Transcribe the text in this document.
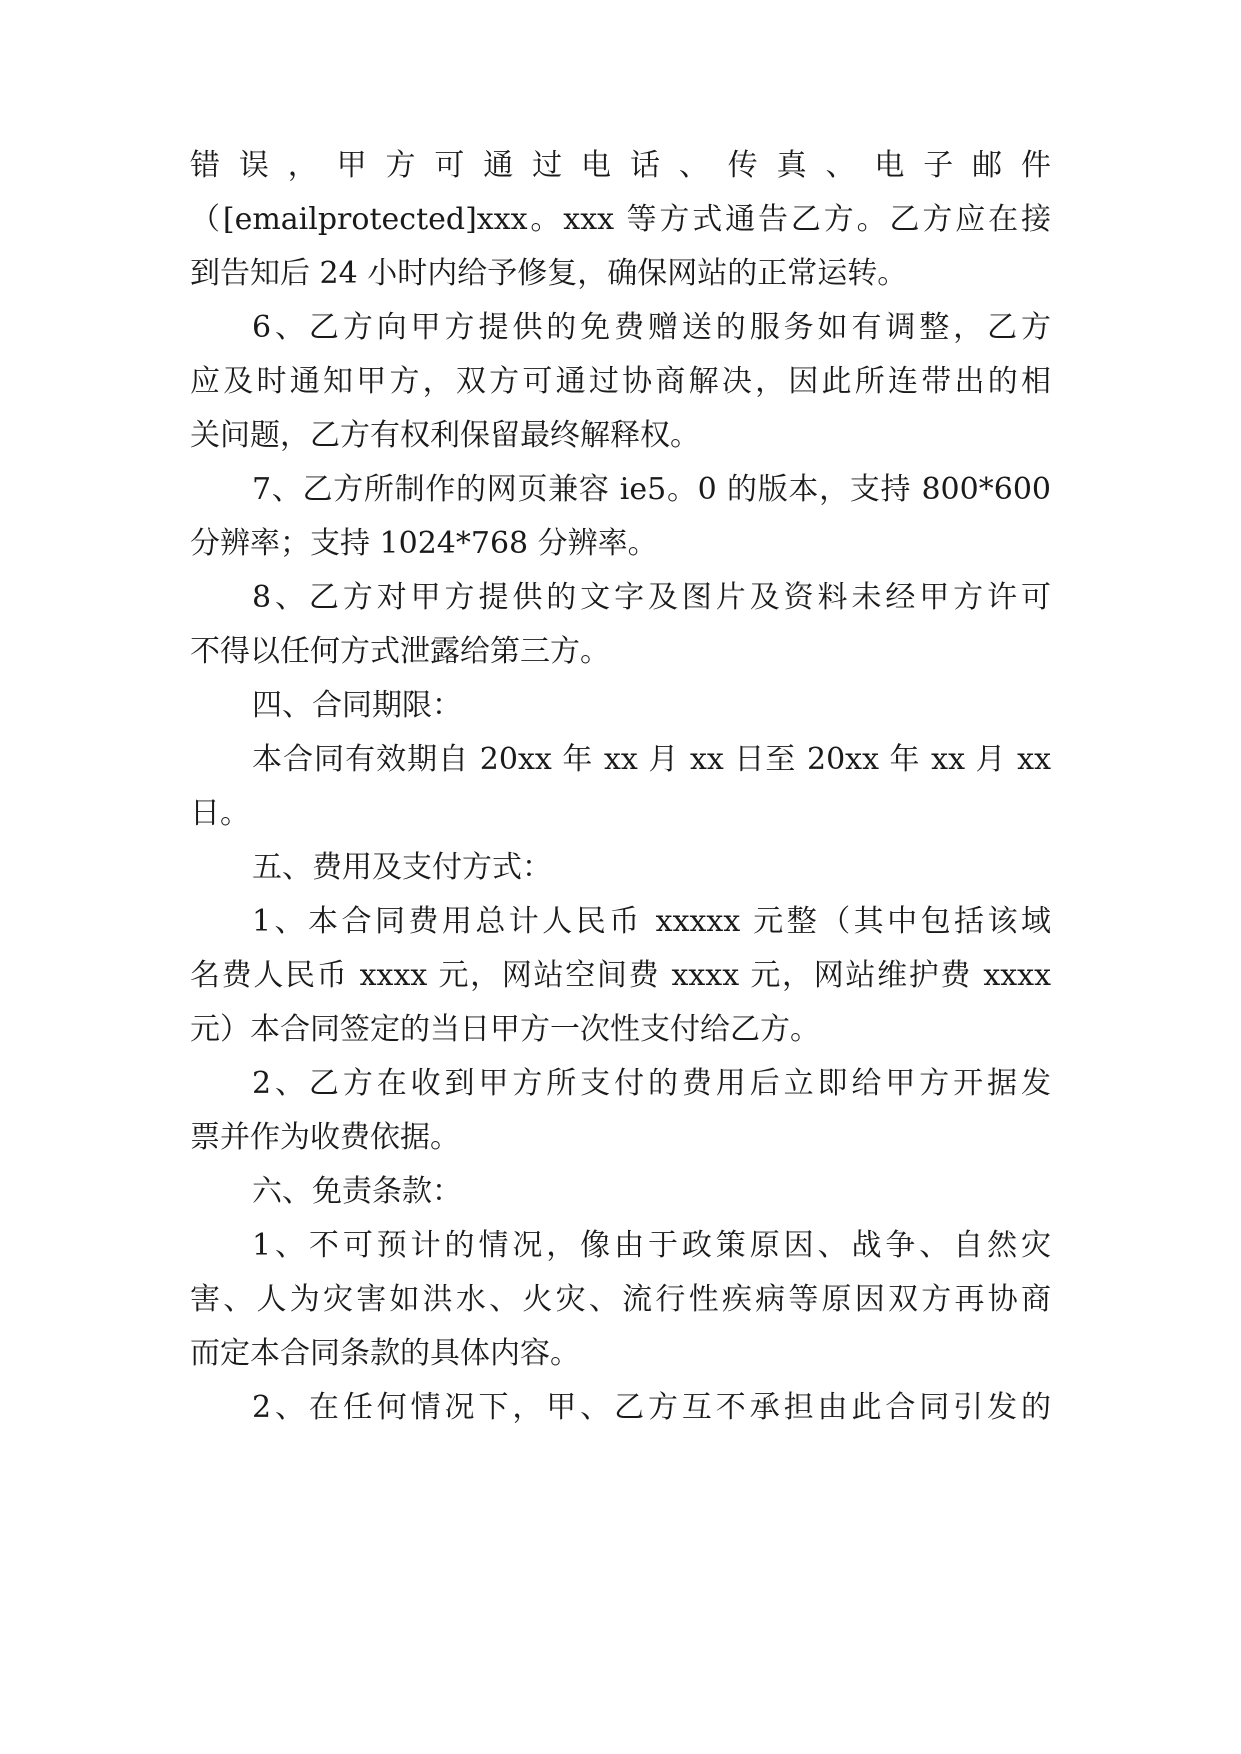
错误，甲方可通过电话、传真、电子邮件
（[emailprotected]xxx。xxx 等方式通告乙方。乙方应在接
到告知后 24 小时内给予修复，确保网站的正常运转。
6、乙方向甲方提供的免费赠送的服务如有调整，乙方
应及时通知甲方，双方可通过协商解决，因此所连带出的相
关问题，乙方有权利保留最终解释权。
7、乙方所制作的网页兼容 ie5。0 的版本，支持 800*600
分辨率；支持 1024*768 分辨率。
8、乙方对甲方提供的文字及图片及资料未经甲方许可
不得以任何方式泄露给第三方。
四、合同期限：
本合同有效期自 20xx 年 xx 月 xx 日至 20xx 年 xx 月 xx
日。
五、费用及支付方式：
1、本合同费用总计人民币 xxxxx 元整（其中包括该域
名费人民币 xxxx 元，网站空间费 xxxx 元，网站维护费 xxxx
元）本合同签定的当日甲方一次性支付给乙方。
2、乙方在收到甲方所支付的费用后立即给甲方开据发
票并作为收费依据。
六、免责条款：
1、不可预计的情况，像由于政策原因、战争、自然灾
害、人为灾害如洪水、火灾、流行性疾病等原因双方再协商
而定本合同条款的具体内容。
2、在任何情况下，甲、乙方互不承担由此合同引发的
